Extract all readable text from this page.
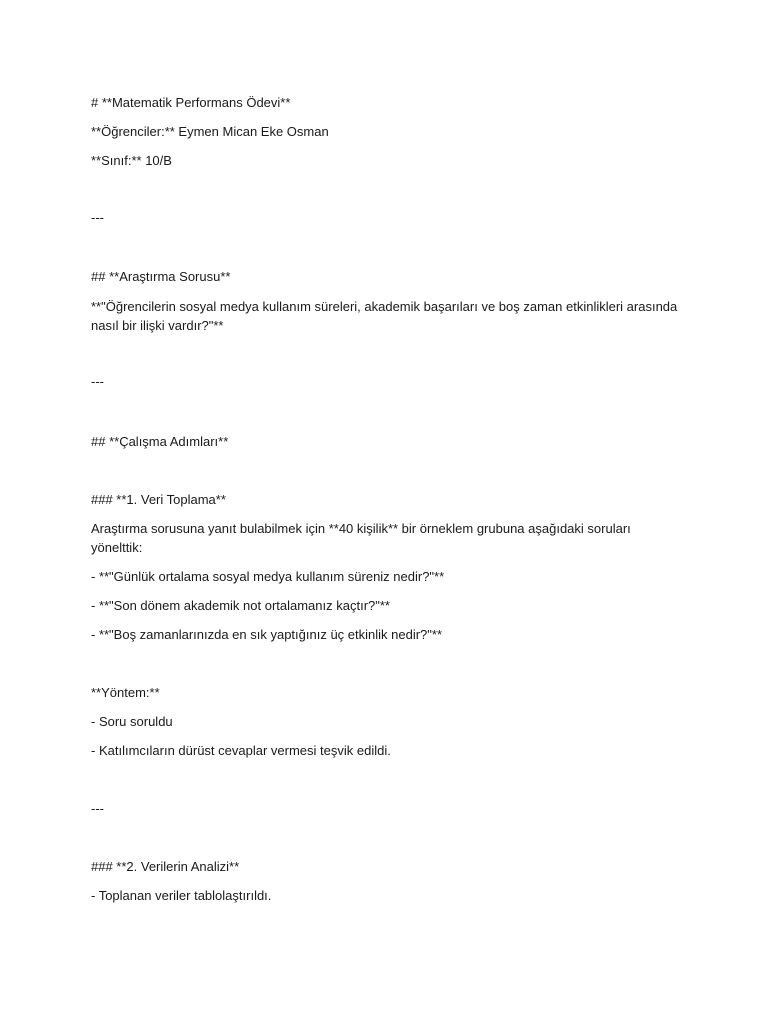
# **Matematik Performans Ödevi**

**Öğrenciler:** Eymen Mican Eke Osman

**Sınıf:** 10/B

---

## **Araştırma Sorusu**

**"Öğrencilerin sosyal medya kullanım süreleri, akademik başarıları ve boş zaman etkinlikleri arasında

nasıl bir ilişki vardır?"**

---

## **Çalışma Adımları**

### **1. Veri Toplama**

Araştırma sorusuna yanıt bulabilmek için **40 kişilik** bir örneklem grubuna aşağıdaki soruları

yönelttik:

- **"Günlük ortalama sosyal medya kullanım süreniz nedir?"**

- **"Son dönem akademik not ortalamanız kaçtır?"**

- **"Boş zamanlarınızda en sık yaptığınız üç etkinlik nedir?"**

**Yöntem:**

- Soru soruldu

- Katılımcıların dürüst cevaplar vermesi teşvik edildi.

---

### **2. Verilerin Analizi**

- Toplanan veriler tablolaştırıldı.
